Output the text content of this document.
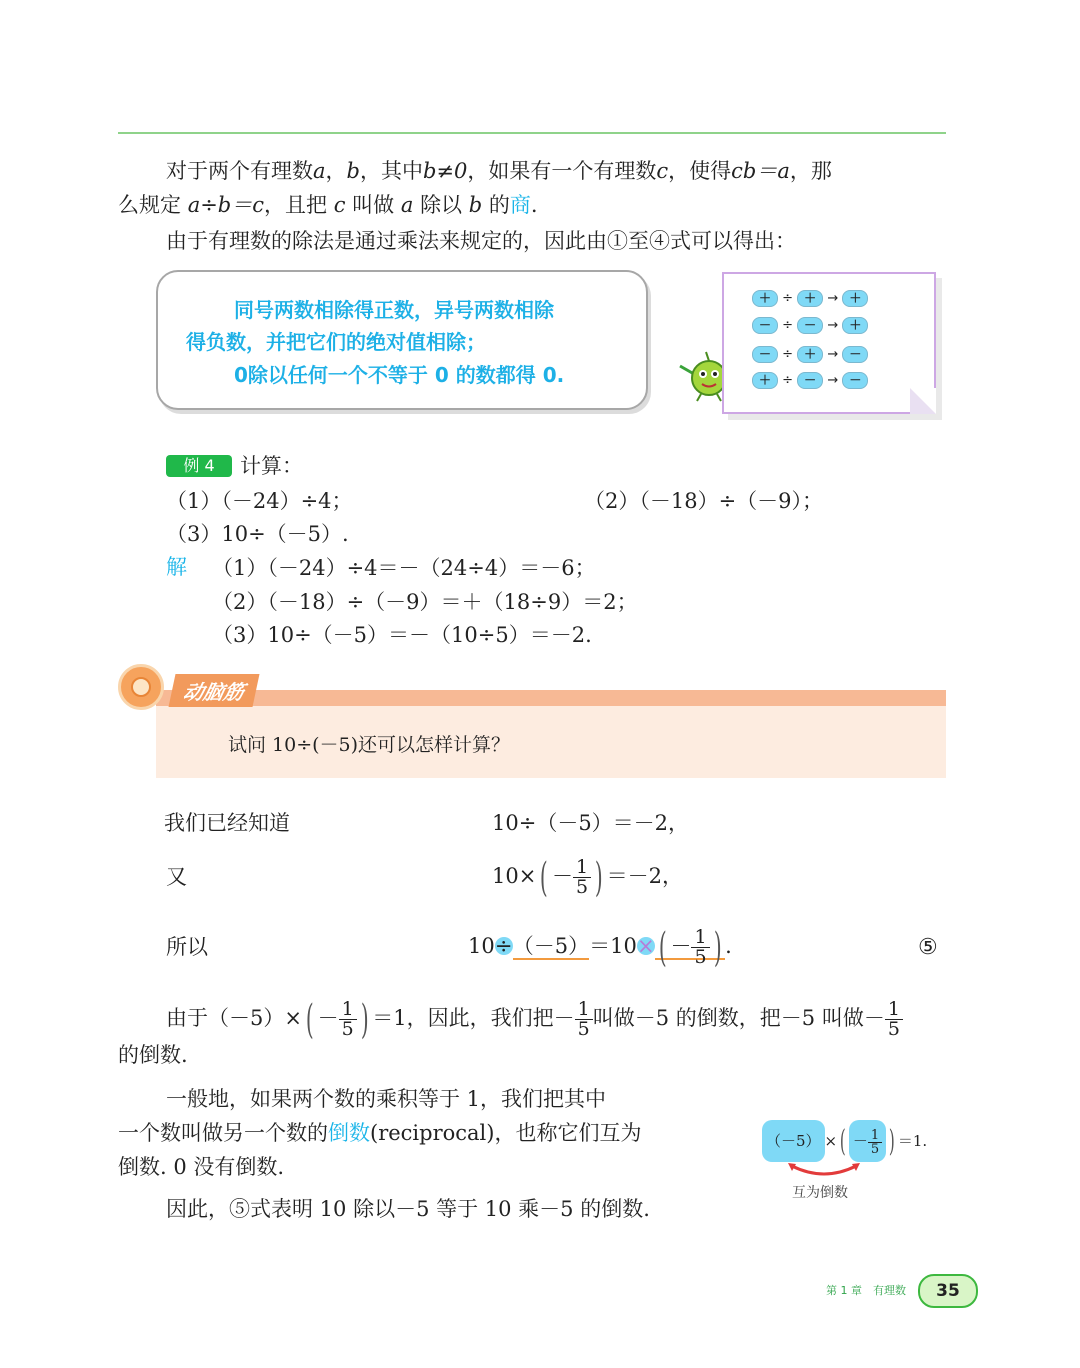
对于两个有理数a，b，其中b≠0，如果有一个有理数c，使得cb＝a，那
么规定 a÷b＝c，且把 c 叫做 a 除以 b 的商.
由于有理数的除法是通过乘法来规定的，因此由①至④式可以得出：
同号两数相除得正数，异号两数相除
得负数，并把它们的绝对值相除；
0除以任何一个不等于 0 的数都得 0.
＋ ÷ ＋ → ＋
－ ÷ － → ＋
－ ÷ ＋ → －
＋ ÷ － → －
例 4	计算：
（1）（－24）÷4；	（2）（－18）÷（－9）；
（3）10÷（－5）.
解 （1）（－24）÷4＝－（24÷4）＝－6；
（2）（－18）÷（－9）＝＋（18÷9）＝2；
（3）10÷（－5）＝－（10÷5）＝－2.
动脑筋
试问 10÷(－5)还可以怎样计算？
我们已经知道	10÷（－5）＝－2，
又	$10\times( - \frac{1}{5}$ ) ＝－2，
所以	10÷（－5）＝10× ( － $\frac{1}{5}$ ) .	⑤
由于$(-5)\times( - \frac{1}{5}$ ) ＝1，因此，我们把－ $\frac{1}{5}$ 叫做－5 的倒数，把－5 叫做－ $\frac{1}{5}$
的倒数.
一般地，如果两个数的乘积等于 1，我们把其中
一个数叫做另一个数的倒数(reciprocal)，也称它们互为
倒数. 0 没有倒数.
因此，⑤式表明 10 除以－5 等于 10 乘－5 的倒数.
（－5） ×( － $\frac{1}{5}$ ) ＝1.
互为倒数
第 1 章　有理数	35
